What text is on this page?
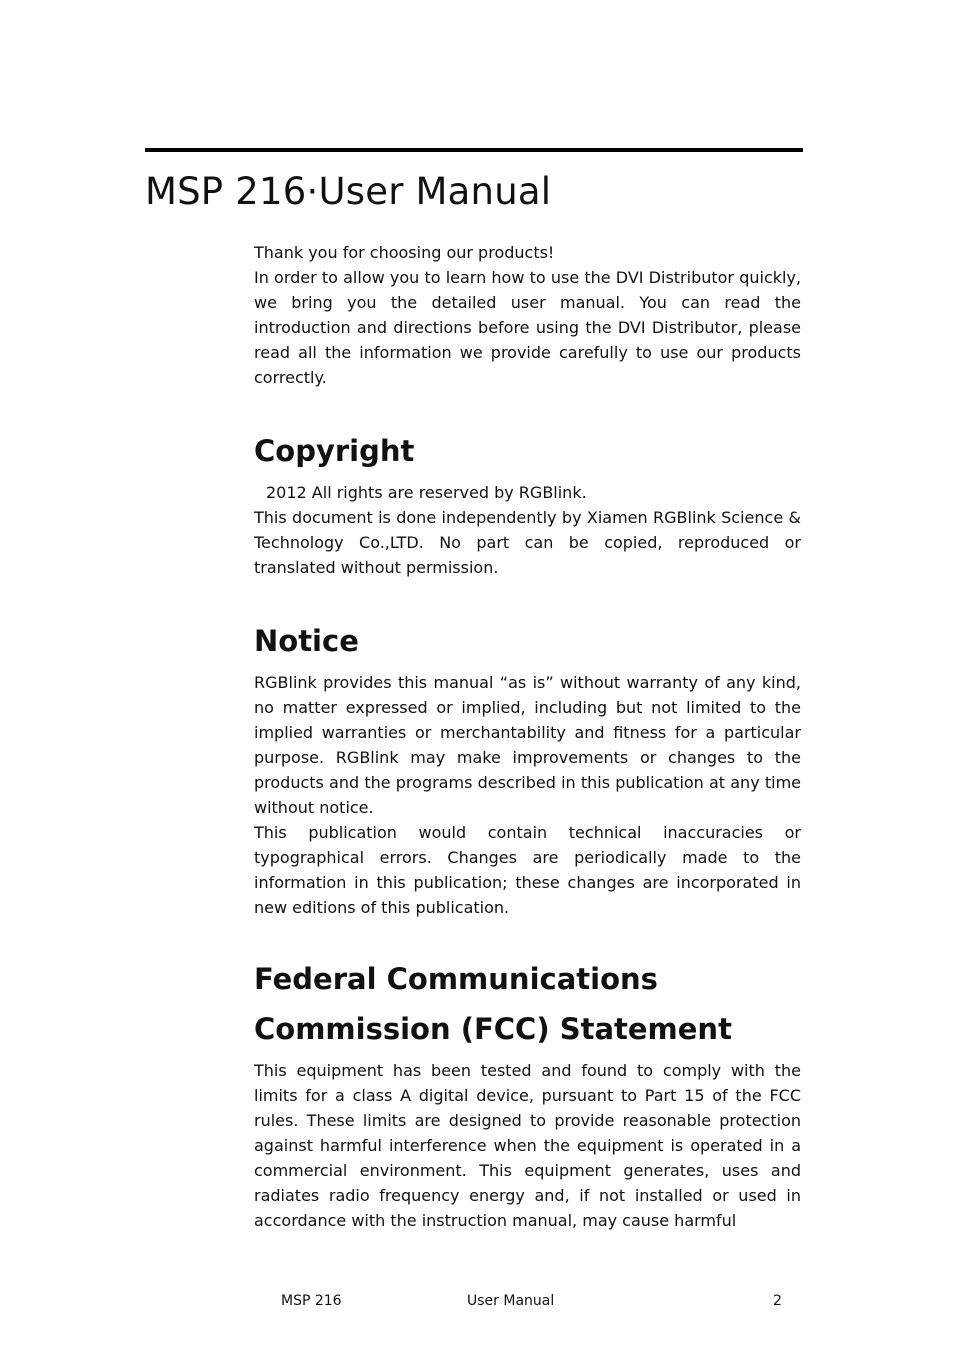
MSP 216·User Manual

Thank you for choosing our products!

In order to allow you to learn how to use the DVI Distributor quickly, we bring you the detailed user manual. You can read the introduction and directions before using the DVI Distributor, please read all the information we provide carefully to use our products correctly.

Copyright

2012 All rights are reserved by RGBlink.

This document is done independently by Xiamen RGBlink Science & Technology Co.,LTD. No part can be copied, reproduced or translated without permission.

Notice

RGBlink provides this manual “as is” without warranty of any kind, no matter expressed or implied, including but not limited to the implied warranties or merchantability and fitness for a particular purpose. RGBlink may make improvements or changes to the products and the programs described in this publication at any time without notice.

This publication would contain technical inaccuracies or typographical errors. Changes are periodically made to the information in this publication; these changes are incorporated in new editions of this publication.

Federal Communications Commission (FCC) Statement

This equipment has been tested and found to comply with the limits for a class A digital device, pursuant to Part 15 of the FCC rules. These limits are designed to provide reasonable protection against harmful interference when the equipment is operated in a commercial environment. This equipment generates, uses and radiates radio frequency energy and, if not installed or used in accordance with the instruction manual, may cause harmful

MSP 216	User Manual	2
